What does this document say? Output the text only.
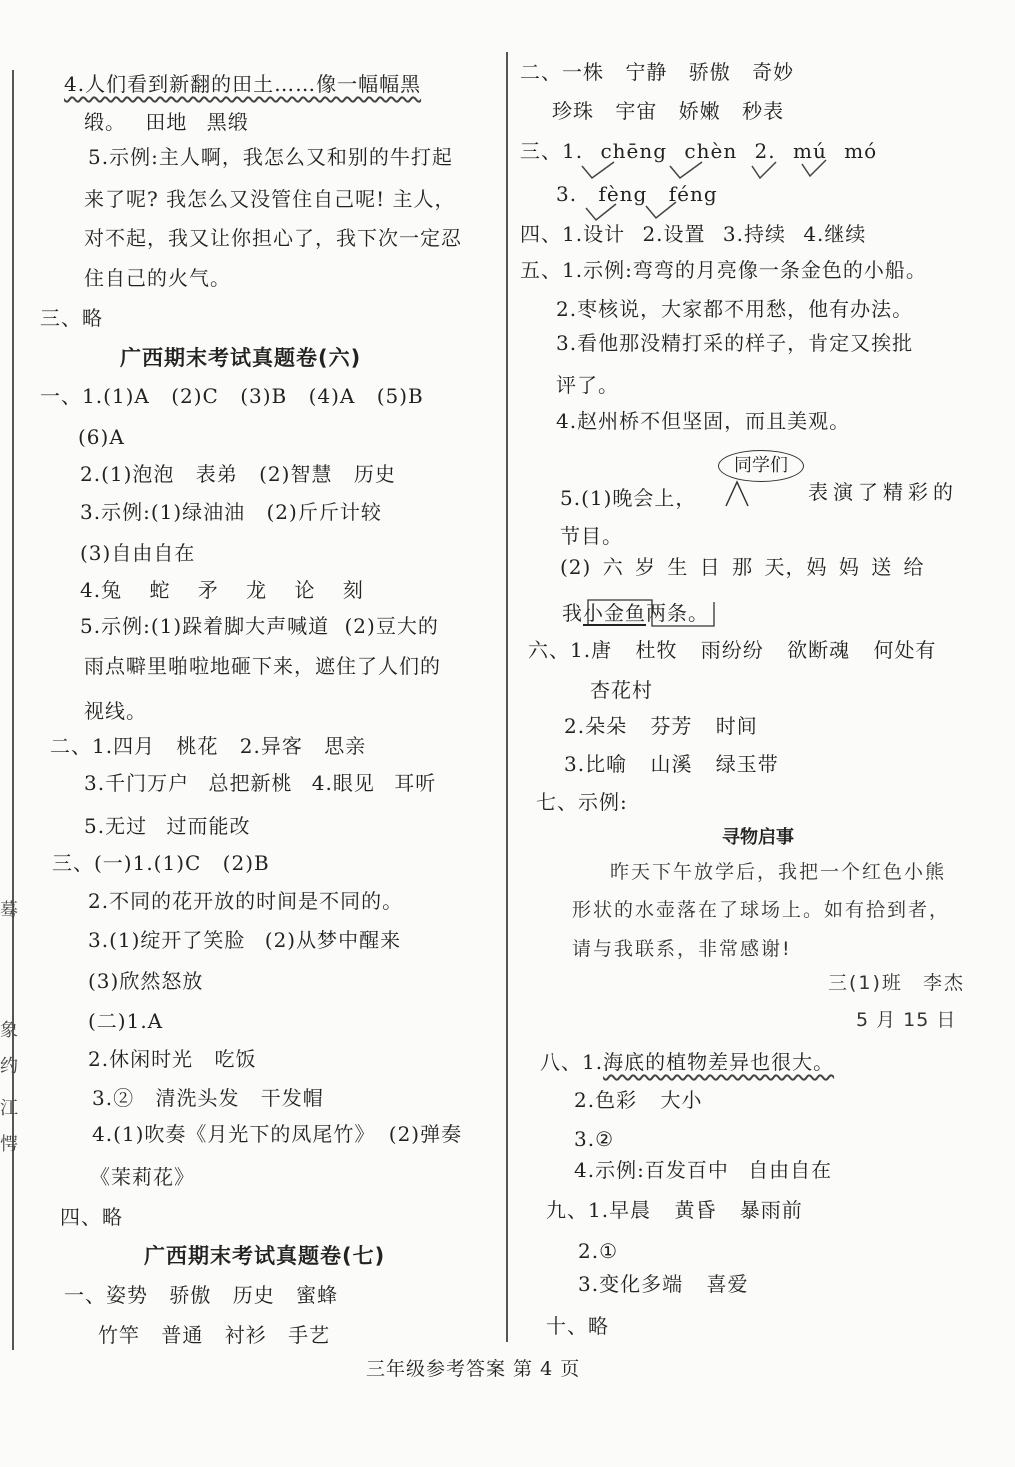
蓦
象
约
江
愕
4.人们看到新翻的田土……像一幅幅黑
缎。 田地 黑缎
5.示例:主人啊，我怎么又和别的牛打起
来了呢? 我怎么又没管住自己呢! 主人，
对不起，我又让你担心了，我下次一定忍
住自己的火气。
三、略
广西期末考试真题卷(六)
一、1.(1)A (2)C (3)B (4)A (5)B
(6)A
2.(1)泡泡 表弟 (2)智慧 历史
3.示例:(1)绿油油 (2)斤斤计较
(3)自由自在
4.兔 蛇 矛 龙 论 刻
5.示例:(1)跺着脚大声喊道 (2)豆大的
雨点噼里啪啦地砸下来，遮住了人们的
视线。
二、1.四月 桃花 2.异客 思亲
3.千门万户 总把新桃 4.眼见 耳听
5.无过 过而能改
三、(一)1.(1)C (2)B
2.不同的花开放的时间是不同的。
3.(1)绽开了笑脸 (2)从梦中醒来
(3)欣然怒放
(二)1.A
2.休闲时光 吃饭
3.② 清洗头发 干发帽
4.(1)吹奏《月光下的凤尾竹》 (2)弹奏
《茉莉花》
四、略
广西期末考试真题卷(七)
一、姿势 骄傲 历史 蜜蜂
竹竿 普通 衬衫 手艺
二、一株 宁静 骄傲 奇妙
珍珠 宇宙 娇嫩 秒表
三、1. chēng chèn 2. mú mó
3. fèng féng
四、1.设计 2.设置 3.持续 4.继续
五、1.示例:弯弯的月亮像一条金色的小船。
2.枣核说，大家都不用愁，他有办法。
3.看他那没精打采的样子，肯定又挨批
评了。
4.赵州桥不但坚固，而且美观。
同学们
5.(1)晚会上，	表演了精彩的
节目。
(2) 六 岁 生 日 那 天，妈 妈 送 给
我小金鱼两条。
六、1.唐 杜牧 雨纷纷 欲断魂 何处有
杏花村
2.朵朵 芬芳 时间
3.比喻 山溪 绿玉带
七、示例:
寻物启事
昨天下午放学后，我把一个红色小熊
形状的水壶落在了球场上。如有拾到者，
请与我联系，非常感谢!
三(1)班 李杰
5 月 15 日
八、1.海底的植物差异也很大。
2.色彩 大小
3.②
4.示例:百发百中 自由自在
九、1.早晨 黄昏 暴雨前
2.①
3.变化多端 喜爱
十、略
三年级参考答案 第 4 页
